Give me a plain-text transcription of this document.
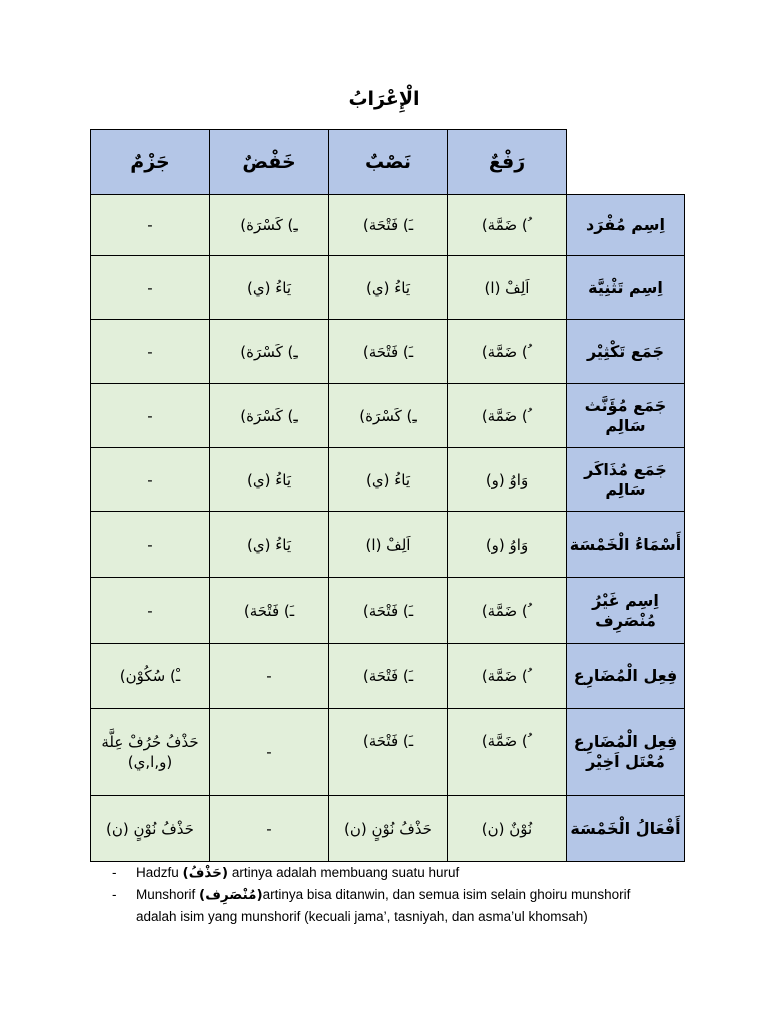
الْإِعْرَابُ
	رَفْعٌ	نَصْبٌ	خَفْضٌ	جَزْمٌ
اِسِم مُفْرَد	ﹸ) ضَمَّة)	ﹷ) فَتْحَة)	ﹻ) كَسْرَة)	-
اِسِم تَثْنِيَّة	اَلِفْ (ا)	يَاءُ (ي)	يَاءُ (ي)	-
جَمَع تَكْثِيْر	ﹸ) ضَمَّة)	ﹷ) فَتْحَة)	ﹻ) كَسْرَة)	-
جَمَع مُؤَنَّث سَالِم	ﹸ) ضَمَّة)	ﹻ) كَسْرَة)	ﹻ) كَسْرَة)	-
جَمَع مُذَاكَر سَالِم	وَاوُ (و)	يَاءُ (ي)	يَاءُ (ي)	-
أَسْمَاءُ الْخَمْسَة	وَاوُ (و)	اَلِفْ (ا)	يَاءُ (ي)	-
اِسِم غَيْرُ مُنْصَرِف	ﹸ) ضَمَّة)	ﹷ) فَتْحَة)	ﹷ) فَتْحَة)	-
فِعِل الْمُضَارِع	ﹸ) ضَمَّة)	ﹷ) فَتْحَة)	-	ﹿ) سُكُوْن)
فِعِل الْمُضَارِع مُعْتَل اَخِيْر	ﹸ) ضَمَّة)	ﹷ) فَتْحَة)	-	حَذْفُ حُرُفْ عِلَّة (و,ا,ي)
أَفْعَالُ الْخَمْسَة	نُوْنٌ (ن)	حَذْفُ نُوْنٍ (ن)	-	حَذْفُ نُوْنٍ (ن)
- Hadzfu (حَذْفُ) artinya adalah membuang suatu huruf
- Munshorif (مُنْصَرِف)artinya bisa ditanwin, dan semua isim selain ghoiru munshorif adalah isim yang munshorif (kecuali jama’, tasniyah, dan asma’ul khomsah)
